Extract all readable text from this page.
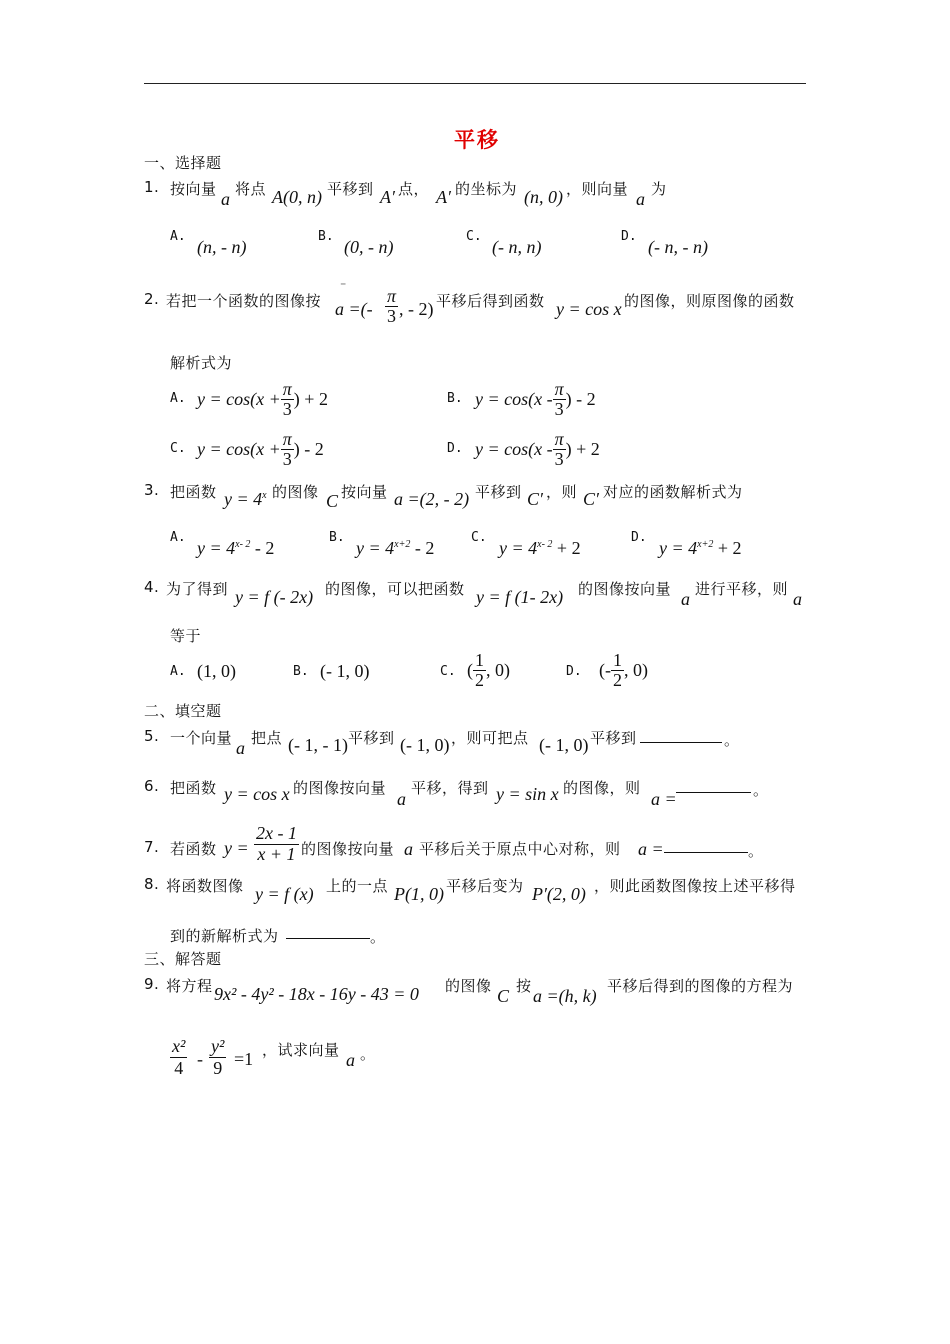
平移
一、选择题
1. 按向量 a 将点 A(0, n) 平移到 A′ 点， A′ 的坐标为 (n, 0) ，则向量 a 为
A.
(n, - n)
B.
(0, - n)
C.
(- n, n)
D.
(- n, - n)
2. 若把一个函数的图像按 a =(-
⁻
$\frac{\pi}{3}$ , - 2) 平移后得到函数 y = cos x 的图像，则原图像的函数
解析式为
A. $y = \cos(x + \frac{\pi}{3}$ ) + 2	B. $y = \cos(x - \frac{\pi}{3}$ ) - 2
C. $y = \cos(x + \frac{\pi}{3}$ ) - 2	D. $y = \cos(x - \frac{\pi}{3}$ ) + 2
3. 把函数 $y = 4^x$ 的图像 C 按向量 a =(2, - 2) 平移到 C′ ，则 C′ 对应的函数解析式为
A.
$y = 4^{x- 2} - 2$
B.
$y = 4^{x+2} - 2$
C.
$y = 4^{x- 2} + 2$
D.
$y = 4^{x+2} + 2$
4. 为了得到 y = f (- 2x) 的图像，可以把函数 y = f (1- 2x) 的图像按向量 a 进行平移，则 a
等于
A. (1, 0)	B. (- 1, 0)	C. ( $\frac{1}{2}$ , 0)	D. (- $\frac{1}{2}$ , 0)
二、填空题
5. 一个向量 a 把点 (- 1, - 1) 平移到 (- 1, 0) ，则可把点 (- 1, 0) 平移到	。
6. 把函数 y = cos x 的图像按向量
a
平移，得到 y = sin x 的图像，则
a =	。
7. 若函数 $y = \frac{2x - 1}{x + 1}$ 的图像按向量 a 平移后关于原点中心对称，则 a =	。
8. 将函数图像 y = f (x) 上的一点 P(1, 0) 平移后变为 P′(2, 0) ，则此函数图像按上述平移得
到的新解析式为	。
三、解答题
9. 将方程 9x² - 4y² - 18x - 16y - 43 = 0 的图像 C 按 a =(h, k) 平移后得到的图像的方程为
$\frac{\text{x²}}{4} - \frac{\text{y²}}{9} =1$ ，试求向量 a 。
